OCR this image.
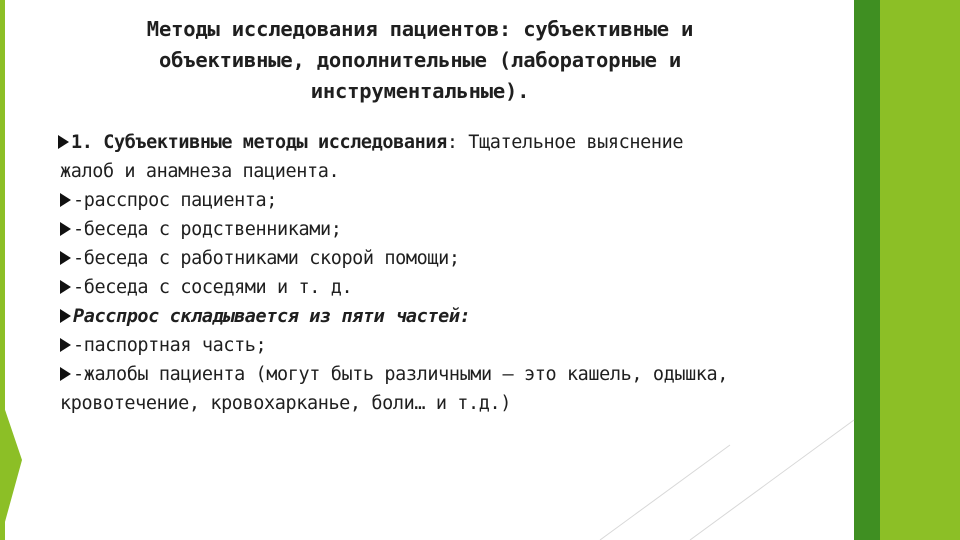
Методы исследования пациентов: субъективные и
объективные, дополнительные (лабораторные и
инструментальные).
1. Субъективные методы исследования: Тщательное выяснение
жалоб и анамнеза пациента.
-расспрос пациента;
-беседа с родственниками;
-беседа с работниками скорой помощи;
-беседа с соседями и т. д.
Расспрос складывается из пяти частей:
-паспортная часть;
-жалобы пациента (могут быть различными – это кашель, одышка,
кровотечение, кровохарканье, боли… и т.д.)
